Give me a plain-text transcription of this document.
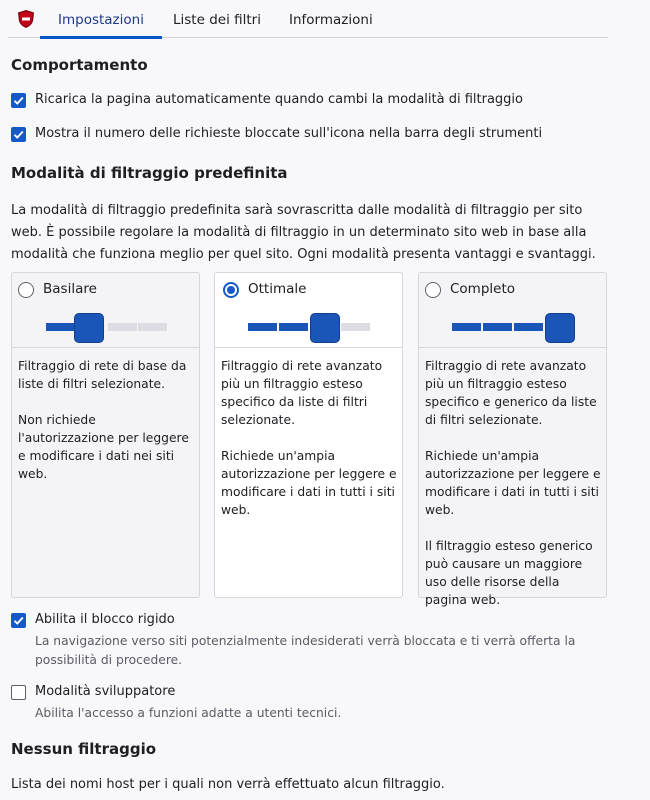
Impostazioni Liste dei filtri Informazioni
Comportamento
Ricarica la pagina automaticamente quando cambi la modalità di filtraggio
Mostra il numero delle richieste bloccate sull'icona nella barra degli strumenti
Modalità di filtraggio predefinita
La modalità di filtraggio predefinita sarà sovrascritta dalle modalità di filtraggio per sito web. È possibile regolare la modalità di filtraggio in un determinato sito web in base alla modalità che funziona meglio per quel sito. Ogni modalità presenta vantaggi e svantaggi.
Basilare

Filtraggio di rete di base da liste di filtri selezionate.

Non richiede l'autorizzazione per leggere e modificare i dati nei siti web.

Ottimale

Filtraggio di rete avanzato più un filtraggio esteso specifico da liste di filtri selezionate.

Richiede un'ampia autorizzazione per leggere e modificare i dati in tutti i siti web.

Completo

Filtraggio di rete avanzato più un filtraggio esteso specifico e generico da liste di filtri selezionate.

Richiede un'ampia autorizzazione per leggere e modificare i dati in tutti i siti web.

Il filtraggio esteso generico può causare un maggiore uso delle risorse della pagina web.

Abilita il blocco rigido
La navigazione verso siti potenzialmente indesiderati verrà bloccata e ti verrà offerta la possibilità di procedere.
Modalità sviluppatore
Abilita l'accesso a funzioni adatte a utenti tecnici.
Nessun filtraggio
Lista dei nomi host per i quali non verrà effettuato alcun filtraggio.
